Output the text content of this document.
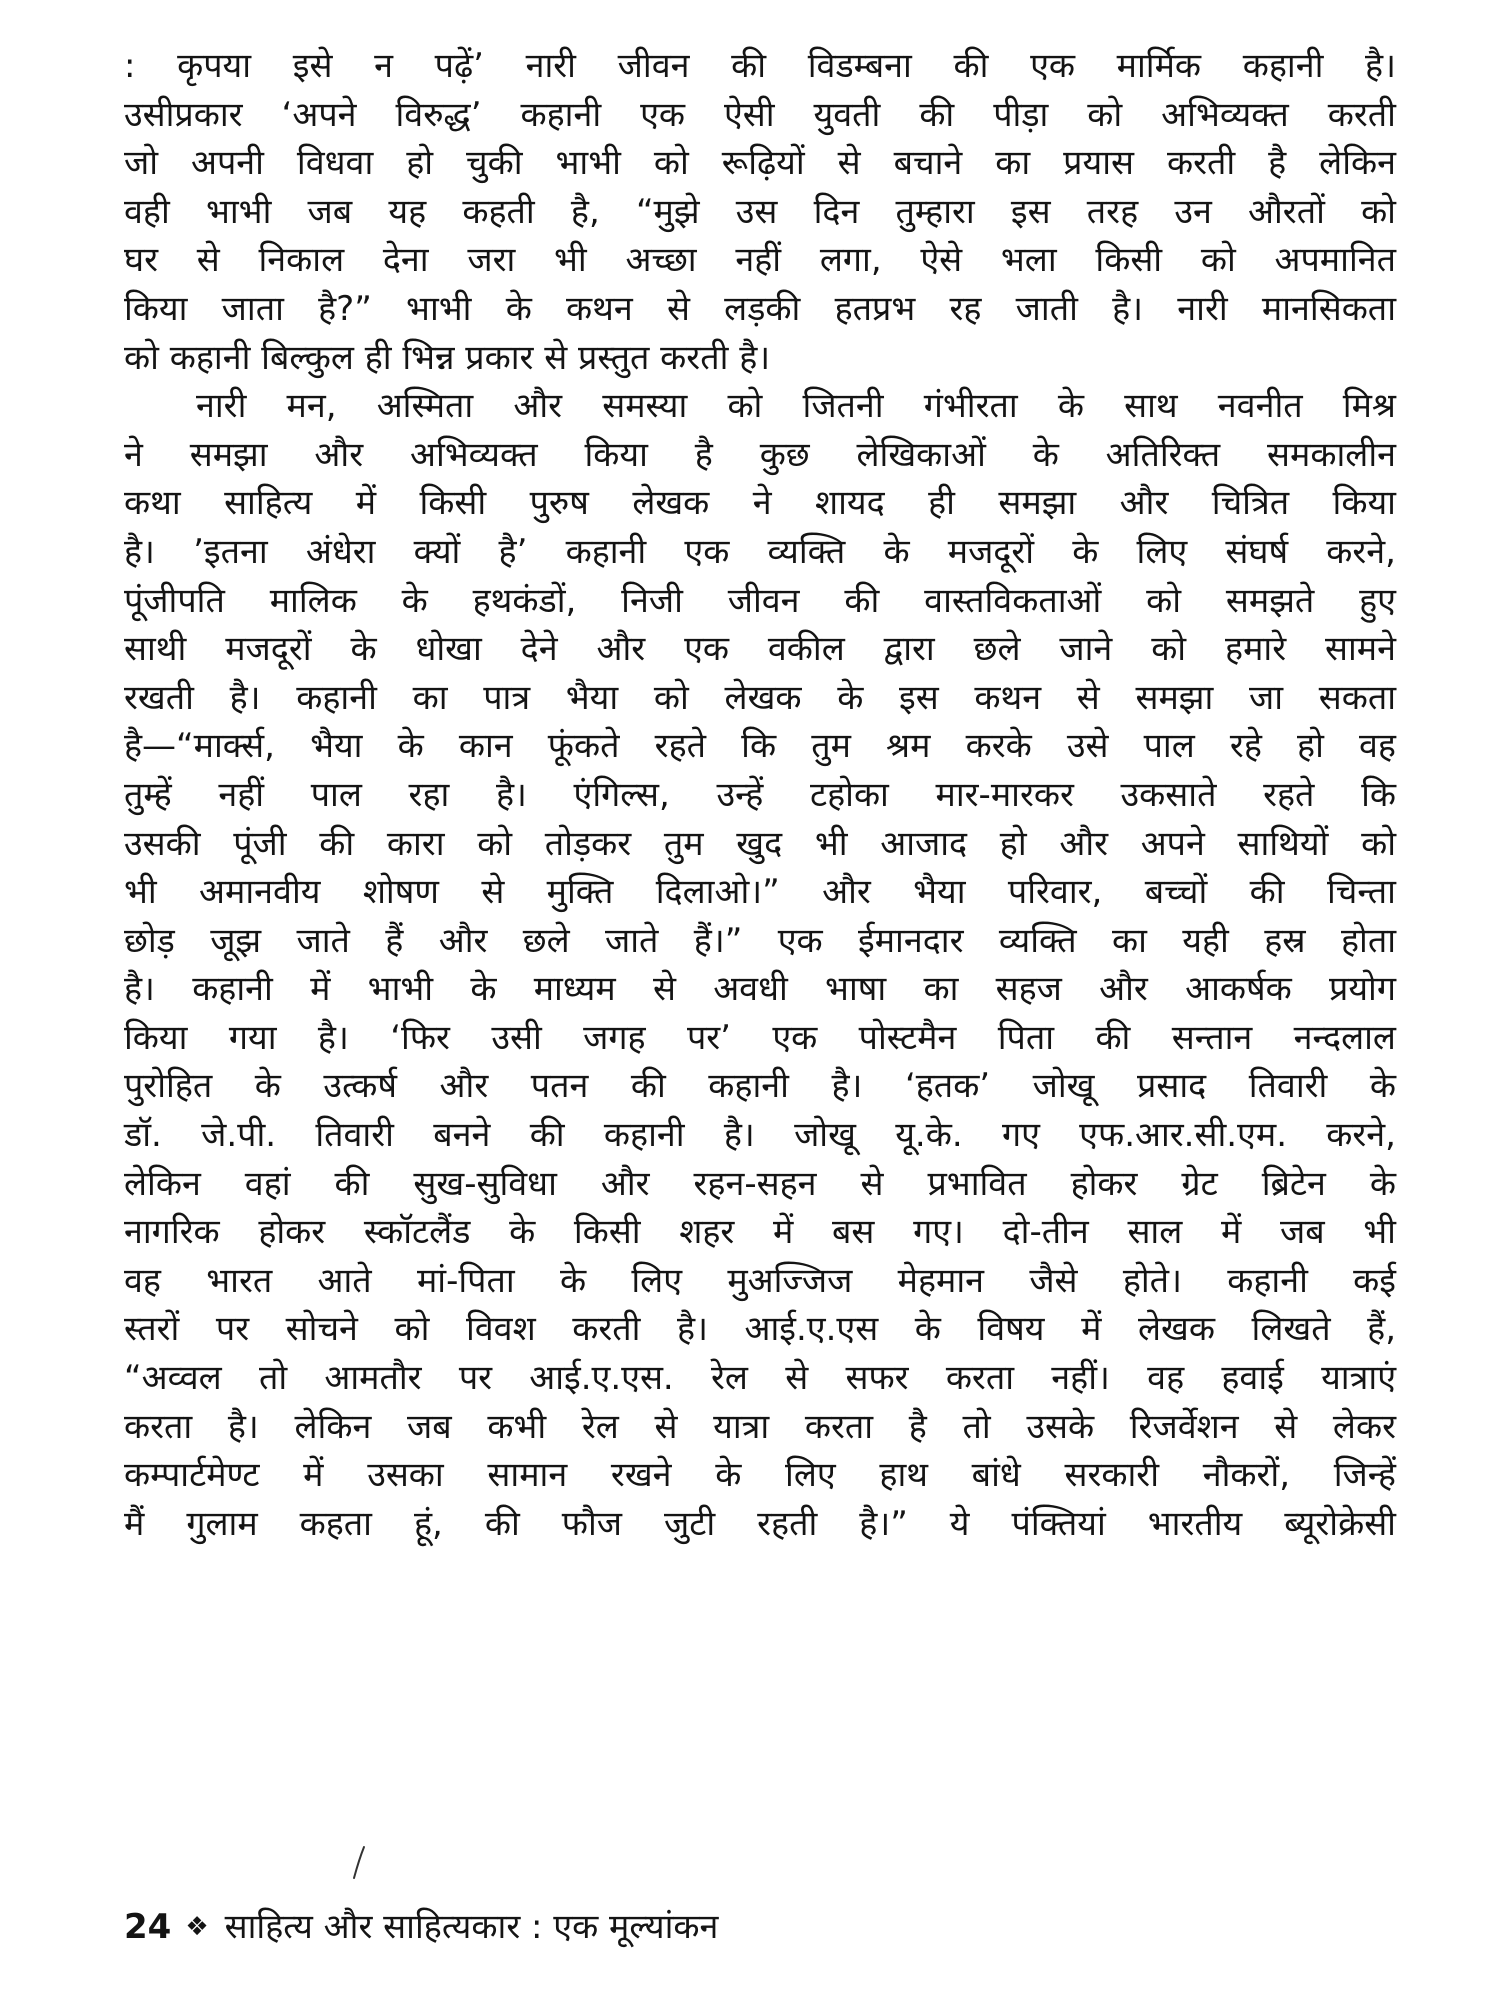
: कृपया इसे न पढ़ें’ नारी जीवन की विडम्बना की एक मार्मिक कहानी है।
उसीप्रकार ‘अपने विरुद्ध’ कहानी एक ऐसी युवती की पीड़ा को अभिव्यक्त करती
जो अपनी विधवा हो चुकी भाभी को रूढ़ियों से बचाने का प्रयास करती है लेकिन
वही भाभी जब यह कहती है, “मुझे उस दिन तुम्हारा इस तरह उन औरतों को
घर से निकाल देना जरा भी अच्छा नहीं लगा, ऐसे भला किसी को अपमानित
किया जाता है?” भाभी के कथन से लड़की हतप्रभ रह जाती है। नारी मानसिकता
को कहानी बिल्कुल ही भिन्न प्रकार से प्रस्तुत करती है।
नारी मन, अस्मिता और समस्या को जितनी गंभीरता के साथ नवनीत मिश्र
ने समझा और अभिव्यक्त किया है कुछ लेखिकाओं के अतिरिक्त समकालीन
कथा साहित्य में किसी पुरुष लेखक ने शायद ही समझा और चित्रित किया
है। ’इतना अंधेरा क्यों है’ कहानी एक व्यक्ति के मजदूरों के लिए संघर्ष करने,
पूंजीपति मालिक के हथकंडों, निजी जीवन की वास्तविकताओं को समझते हुए
साथी मजदूरों के धोखा देने और एक वकील द्वारा छले जाने को हमारे सामने
रखती है। कहानी का पात्र भैया को लेखक के इस कथन से समझा जा सकता
है—“मार्क्स, भैया के कान फूंकते रहते कि तुम श्रम करके उसे पाल रहे हो वह
तुम्हें नहीं पाल रहा है। एंगिल्स, उन्हें टहोका मार-मारकर उकसाते रहते कि
उसकी पूंजी की कारा को तोड़कर तुम खुद भी आजाद हो और अपने साथियों को
भी अमानवीय शोषण से मुक्ति दिलाओ।” और भैया परिवार, बच्चों की चिन्ता
छोड़ जूझ जाते हैं और छले जाते हैं।” एक ईमानदार व्यक्ति का यही हस्र होता
है। कहानी में भाभी के माध्यम से अवधी भाषा का सहज और आकर्षक प्रयोग
किया गया है। ‘फिर उसी जगह पर’ एक पोस्टमैन पिता की सन्तान नन्दलाल
पुरोहित के उत्कर्ष और पतन की कहानी है। ‘हतक’ जोखू प्रसाद तिवारी के
डॉ. जे.पी. तिवारी बनने की कहानी है। जोखू यू.के. गए एफ.आर.सी.एम. करने,
लेकिन वहां की सुख-सुविधा और रहन-सहन से प्रभावित होकर ग्रेट ब्रिटेन के
नागरिक होकर स्कॉटलैंड के किसी शहर में बस गए। दो-तीन साल में जब भी
वह भारत आते मां-पिता के लिए मुअज्जिज मेहमान जैसे होते। कहानी कई
स्तरों पर सोचने को विवश करती है। आई.ए.एस के विषय में लेखक लिखते हैं,
“अव्वल तो आमतौर पर आई.ए.एस. रेल से सफर करता नहीं। वह हवाई यात्राएं
करता है। लेकिन जब कभी रेल से यात्रा करता है तो उसके रिजर्वेशन से लेकर
कम्पार्टमेण्ट में उसका सामान रखने के लिए हाथ बांधे सरकारी नौकरों, जिन्हें
मैं गुलाम कहता हूं, की फौज जुटी रहती है।” ये पंक्तियां भारतीय ब्यूरोक्रेसी
24 ❖ साहित्य और साहित्यकार : एक मूल्यांकन
